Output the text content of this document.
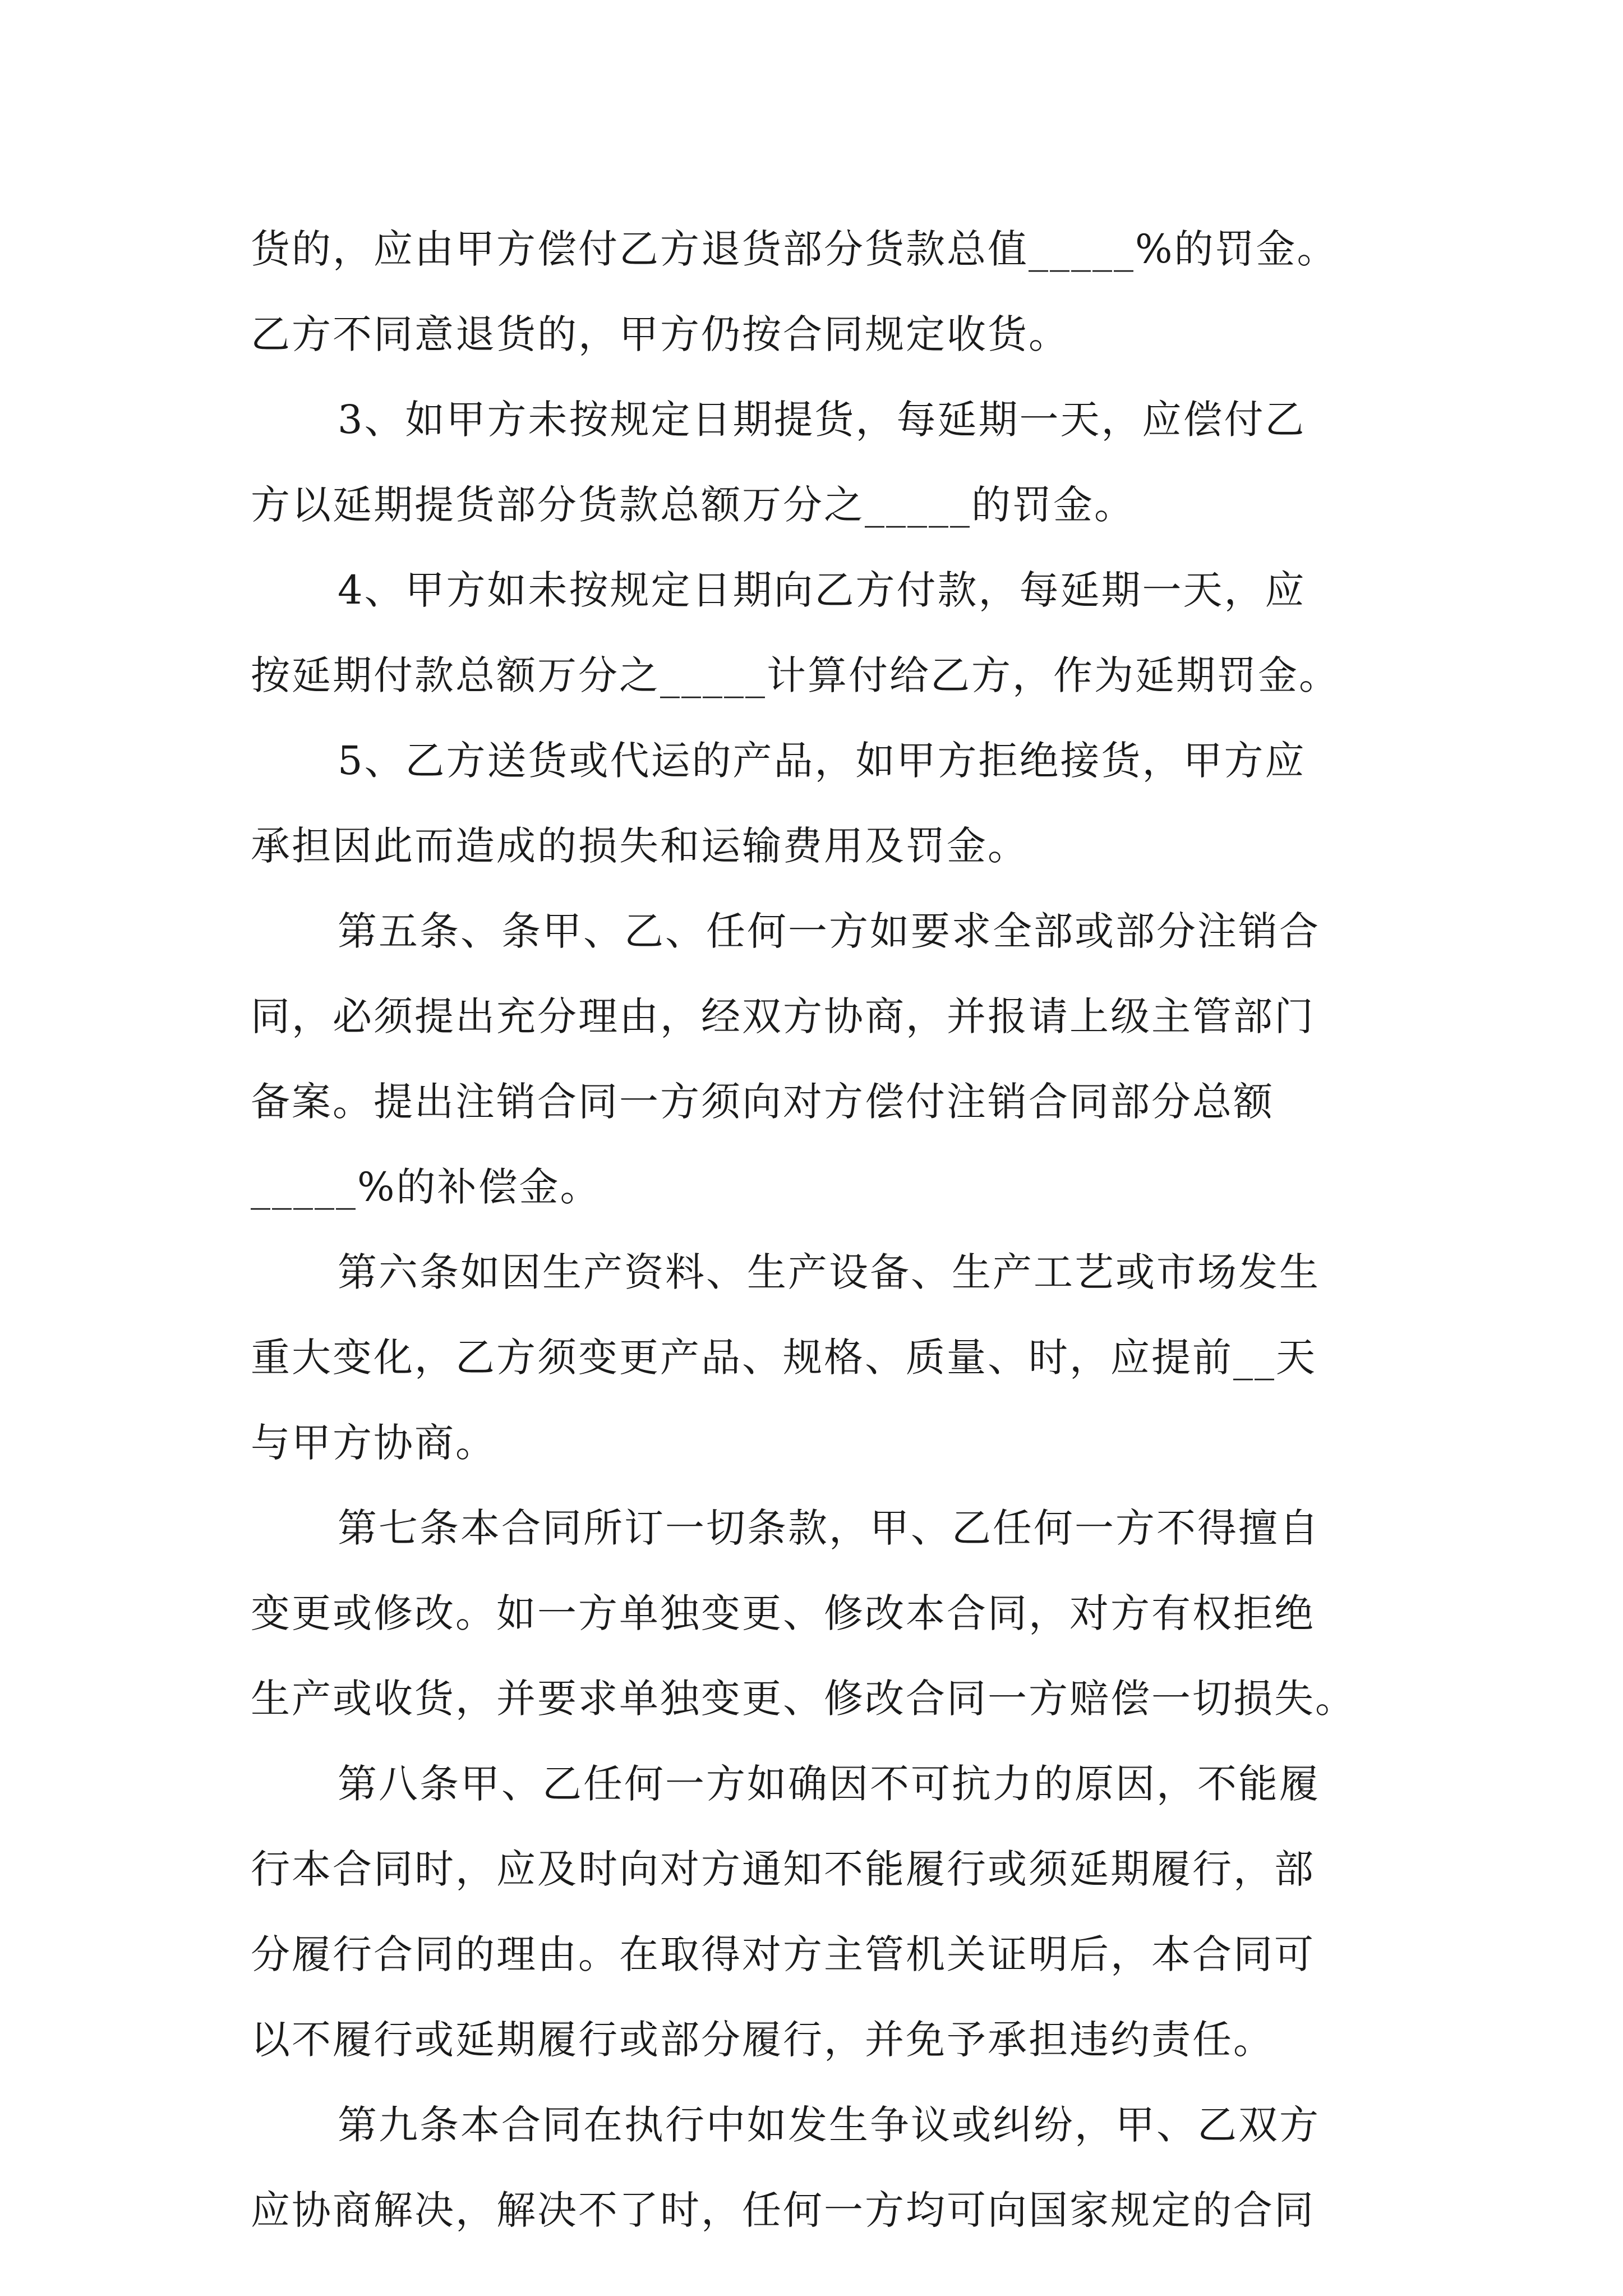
货的，应由甲方偿付乙方退货部分货款总值_____%的罚金。
乙方不同意退货的，甲方仍按合同规定收货。
3、如甲方未按规定日期提货，每延期一天，应偿付乙
方以延期提货部分货款总额万分之_____的罚金。
4、甲方如未按规定日期向乙方付款，每延期一天，应
按延期付款总额万分之_____计算付给乙方，作为延期罚金。
5、乙方送货或代运的产品，如甲方拒绝接货，甲方应
承担因此而造成的损失和运输费用及罚金。
第五条、条甲、乙、任何一方如要求全部或部分注销合
同，必须提出充分理由，经双方协商，并报请上级主管部门
备案。提出注销合同一方须向对方偿付注销合同部分总额
_____%的补偿金。
第六条如因生产资料、生产设备、生产工艺或市场发生
重大变化，乙方须变更产品、规格、质量、时，应提前__天
与甲方协商。
第七条本合同所订一切条款，甲、乙任何一方不得擅自
变更或修改。如一方单独变更、修改本合同，对方有权拒绝
生产或收货，并要求单独变更、修改合同一方赔偿一切损失。
第八条甲、乙任何一方如确因不可抗力的原因，不能履
行本合同时，应及时向对方通知不能履行或须延期履行，部
分履行合同的理由。在取得对方主管机关证明后，本合同可
以不履行或延期履行或部分履行，并免予承担违约责任。
第九条本合同在执行中如发生争议或纠纷，甲、乙双方
应协商解决，解决不了时，任何一方均可向国家规定的合同
